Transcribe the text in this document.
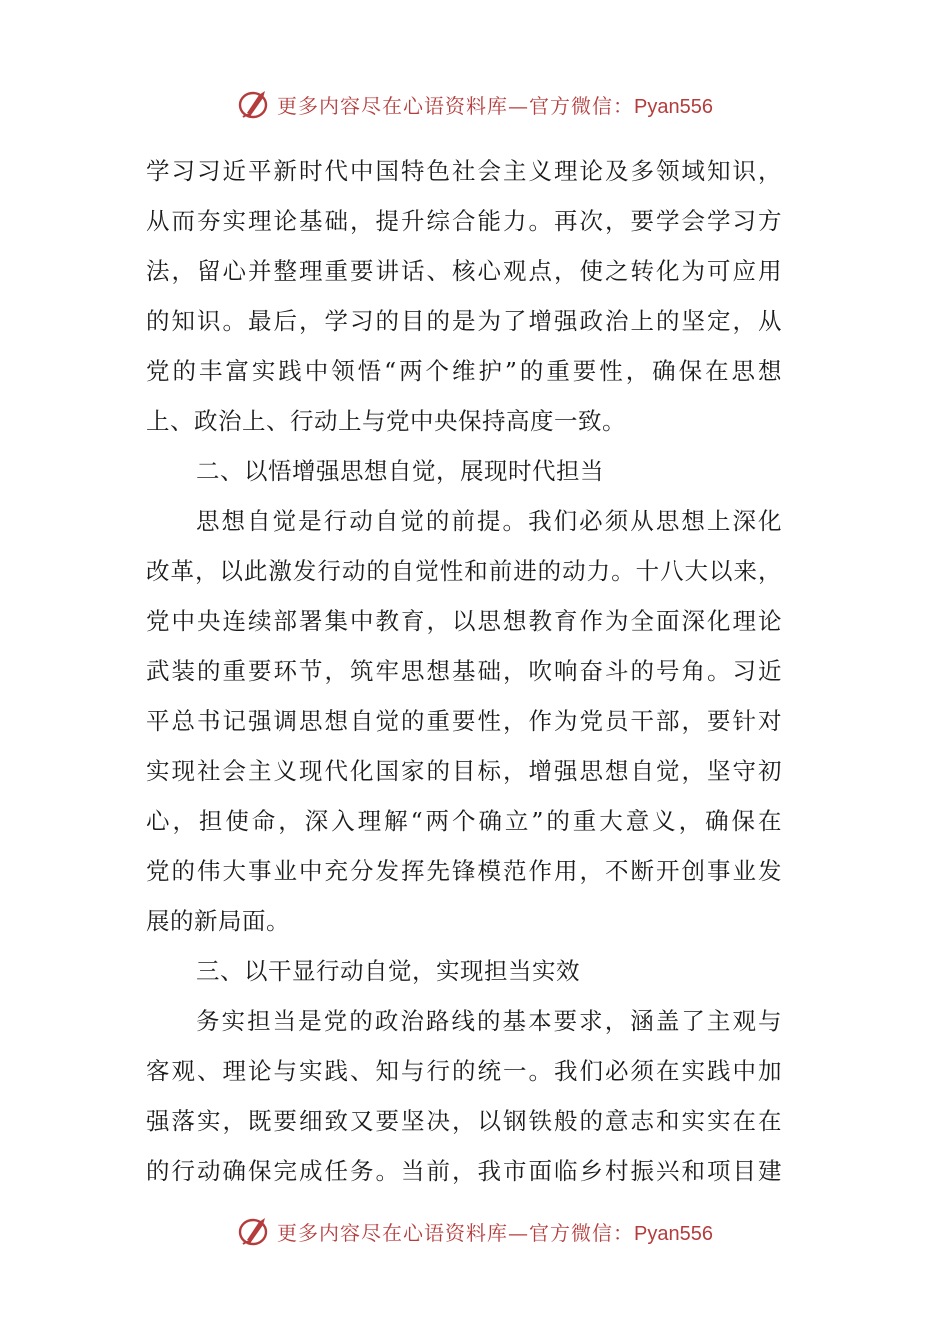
更多内容尽在心语资料库—官方微信：Pyan556
学习习近平新时代中国特色社会主义理论及多领域知识，
从而夯实理论基础，提升综合能力。再次，要学会学习方
法，留心并整理重要讲话、核心观点，使之转化为可应用
的知识。最后，学习的目的是为了增强政治上的坚定，从
党的丰富实践中领悟“两个维护”的重要性，确保在思想
上、政治上、行动上与党中央保持高度一致。
二、以悟增强思想自觉，展现时代担当
思想自觉是行动自觉的前提。我们必须从思想上深化
改革，以此激发行动的自觉性和前进的动力。十八大以来，
党中央连续部署集中教育，以思想教育作为全面深化理论
武装的重要环节，筑牢思想基础，吹响奋斗的号角。习近
平总书记强调思想自觉的重要性，作为党员干部，要针对
实现社会主义现代化国家的目标，增强思想自觉，坚守初
心，担使命，深入理解“两个确立”的重大意义，确保在
党的伟大事业中充分发挥先锋模范作用，不断开创事业发
展的新局面。
三、以干显行动自觉，实现担当实效
务实担当是党的政治路线的基本要求，涵盖了主观与
客观、理论与实践、知与行的统一。我们必须在实践中加
强落实，既要细致又要坚决，以钢铁般的意志和实实在在
的行动确保完成任务。当前，我市面临乡村振兴和项目建
更多内容尽在心语资料库—官方微信：Pyan556
